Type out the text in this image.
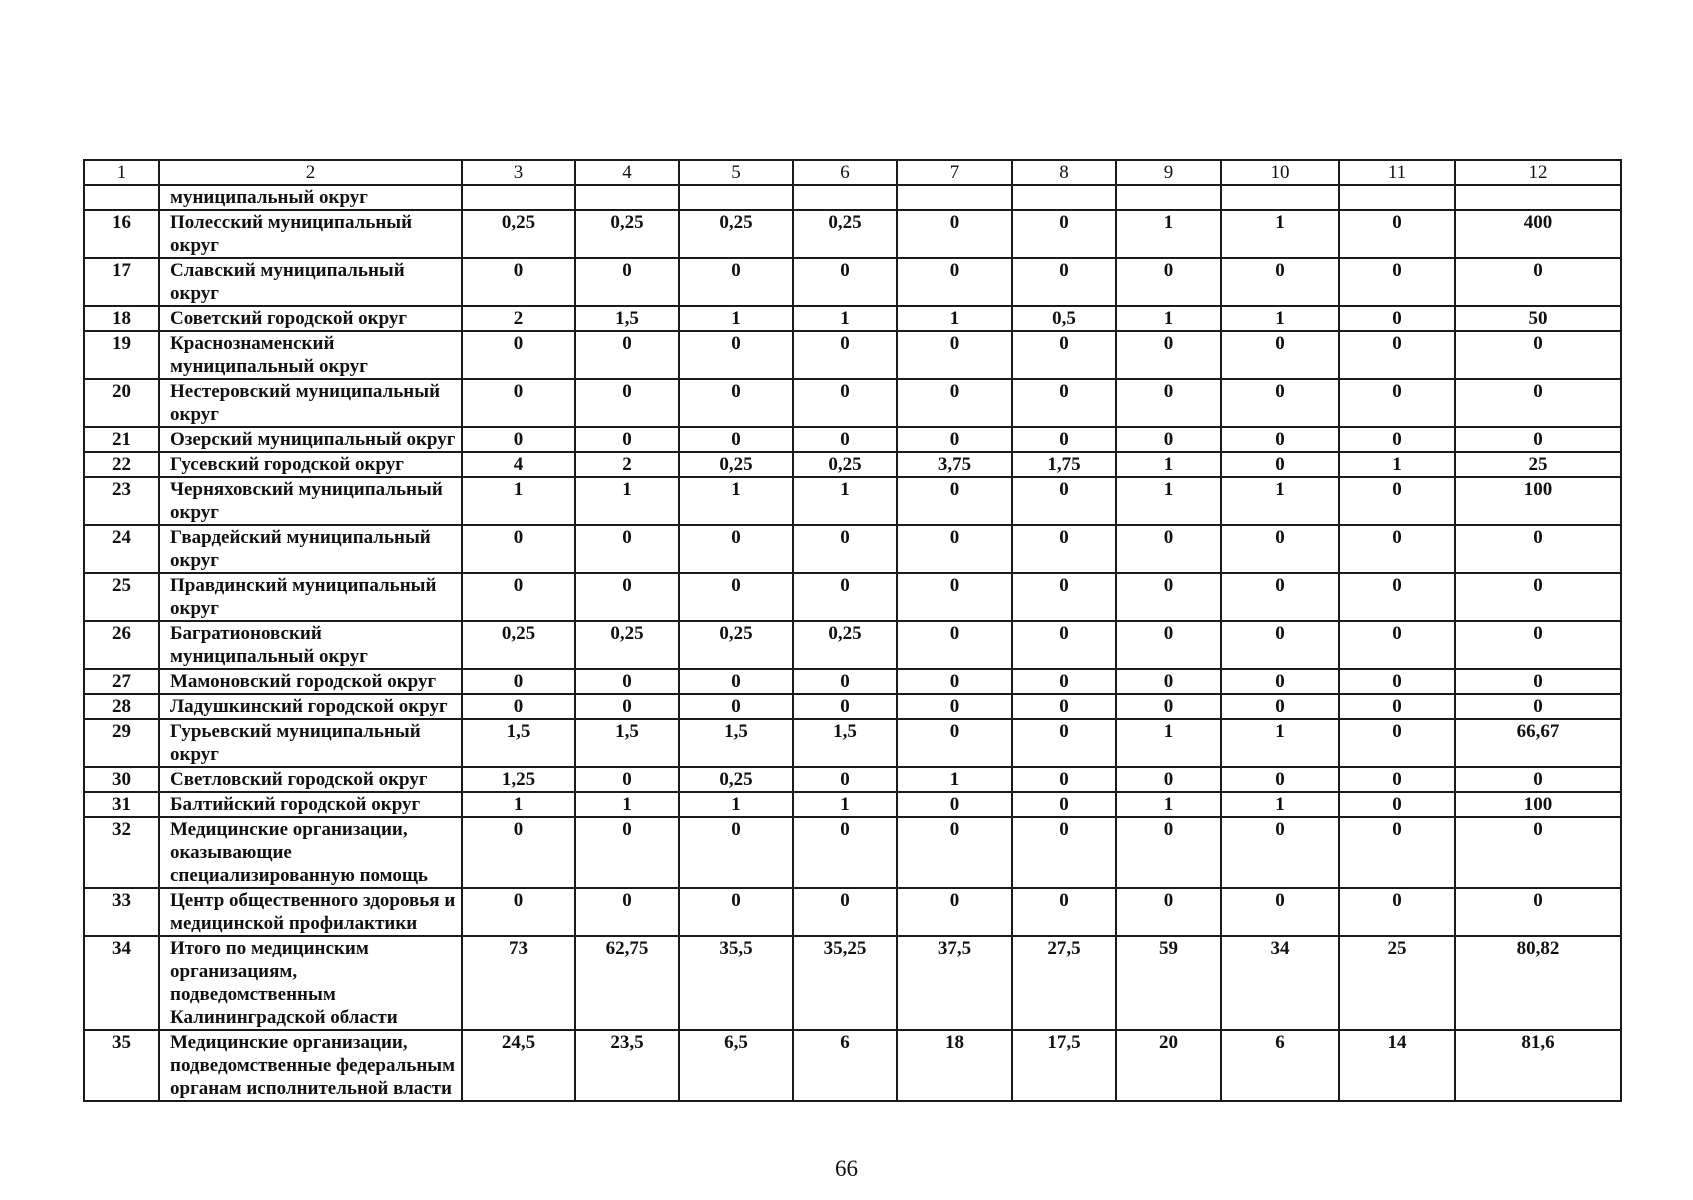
1	2	3	4	5	6	7	8	9	10	11	12
	муниципальный округ										
16	Полесский муниципальный округ	0,25	0,25	0,25	0,25	0	0	1	1	0	400
17	Славский муниципальный округ	0	0	0	0	0	0	0	0	0	0
18	Советский городской округ	2	1,5	1	1	1	0,5	1	1	0	50
19	Краснознаменский муниципальный округ	0	0	0	0	0	0	0	0	0	0
20	Нестеровский муниципальный округ	0	0	0	0	0	0	0	0	0	0
21	Озерский муниципальный округ	0	0	0	0	0	0	0	0	0	0
22	Гусевский городской округ	4	2	0,25	0,25	3,75	1,75	1	0	1	25
23	Черняховский муниципальный округ	1	1	1	1	0	0	1	1	0	100
24	Гвардейский муниципальный округ	0	0	0	0	0	0	0	0	0	0
25	Правдинский муниципальный округ	0	0	0	0	0	0	0	0	0	0
26	Багратионовский муниципальный округ	0,25	0,25	0,25	0,25	0	0	0	0	0	0
27	Мамоновский городской округ	0	0	0	0	0	0	0	0	0	0
28	Ладушкинский городской округ	0	0	0	0	0	0	0	0	0	0
29	Гурьевский муниципальный округ	1,5	1,5	1,5	1,5	0	0	1	1	0	66,67
30	Светловский городской округ	1,25	0	0,25	0	1	0	0	0	0	0
31	Балтийский городской округ	1	1	1	1	0	0	1	1	0	100
32	Медицинские организации, оказывающие специализированную помощь	0	0	0	0	0	0	0	0	0	0
33	Центр общественного здоровья и медицинской профилактики	0	0	0	0	0	0	0	0	0	0
34	Итого по медицинским организациям, подведомственным Калининградской области	73	62,75	35,5	35,25	37,5	27,5	59	34	25	80,82
35	Медицинские организации, подведомственные федеральным органам исполнительной власти	24,5	23,5	6,5	6	18	17,5	20	6	14	81,6
66
